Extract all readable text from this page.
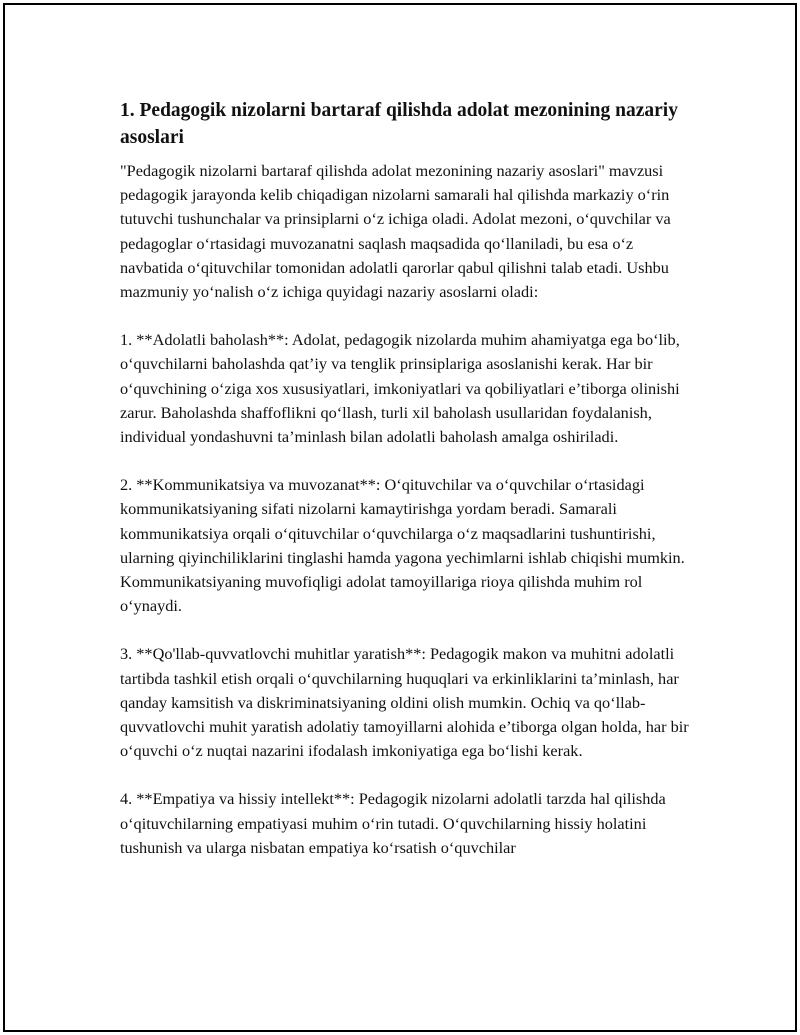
1. Pedagogik nizolarni bartaraf qilishda adolat mezonining nazariy asoslari

"Pedagogik nizolarni bartaraf qilishda adolat mezonining nazariy asoslari" mavzusi pedagogik jarayonda kelib chiqadigan nizolarni samarali hal qilishda markaziy o‘rin tutuvchi tushunchalar va prinsiplarni o‘z ichiga oladi. Adolat mezoni, o‘quvchilar va pedagoglar o‘rtasidagi muvozanatni saqlash maqsadida qo‘llaniladi, bu esa o‘z navbatida o‘qituvchilar tomonidan adolatli qarorlar qabul qilishni talab etadi. Ushbu mazmuniy yo‘nalish o‘z ichiga quyidagi nazariy asoslarni oladi:

1. **Adolatli baholash**: Adolat, pedagogik nizolarda muhim ahamiyatga ega bo‘lib, o‘quvchilarni baholashda qat’iy va tenglik prinsiplariga asoslanishi kerak. Har bir o‘quvchining o‘ziga xos xususiyatlari, imkoniyatlari va qobiliyatlari e’tiborga olinishi zarur. Baholashda shaffoflikni qo‘llash, turli xil baholash usullaridan foydalanish, individual yondashuvni ta’minlash bilan adolatli baholash amalga oshiriladi.

2. **Kommunikatsiya va muvozanat**: O‘qituvchilar va o‘quvchilar o‘rtasidagi kommunikatsiyaning sifati nizolarni kamaytirishga yordam beradi. Samarali kommunikatsiya orqali o‘qituvchilar o‘quvchilarga o‘z maqsadlarini tushuntirishi, ularning qiyinchiliklarini tinglashi hamda yagona yechimlarni ishlab chiqishi mumkin. Kommunikatsiyaning muvofiqligi adolat tamoyillariga rioya qilishda muhim rol o‘ynaydi.

3. **Qo'llab-quvvatlovchi muhitlar yaratish**: Pedagogik makon va muhitni adolatli tartibda tashkil etish orqali o‘quvchilarning huquqlari va erkinliklarini ta’minlash, har qanday kamsitish va diskriminatsiyaning oldini olish mumkin. Ochiq va qo‘llab-quvvatlovchi muhit yaratish adolatiy tamoyillarni alohida e’tiborga olgan holda, har bir o‘quvchi o‘z nuqtai nazarini ifodalash imkoniyatiga ega bo‘lishi kerak.

4. **Empatiya va hissiy intellekt**: Pedagogik nizolarni adolatli tarzda hal qilishda o‘qituvchilarning empatiyasi muhim o‘rin tutadi. O‘quvchilarning hissiy holatini tushunish va ularga nisbatan empatiya ko‘rsatish o‘quvchilar
